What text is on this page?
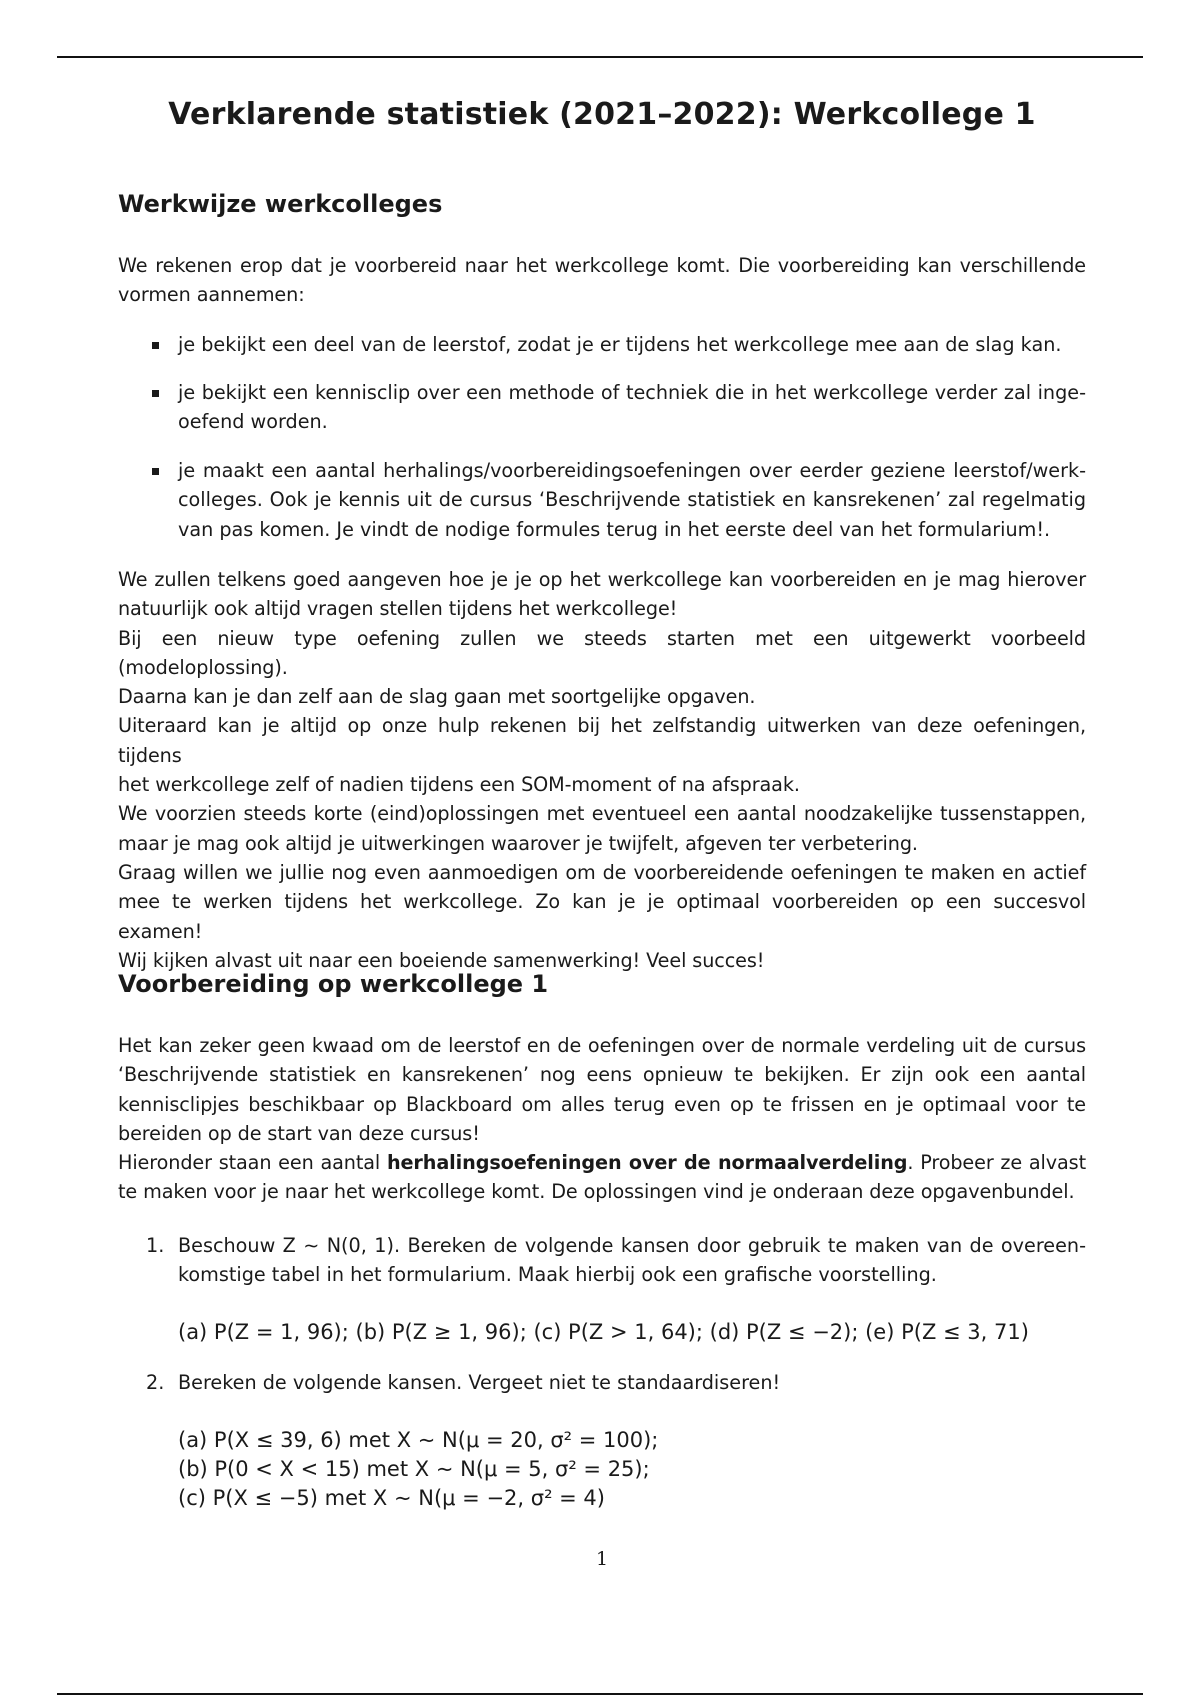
Verklarende statistiek (2021–2022): Werkcollege 1
Werkwijze werkcolleges

We rekenen erop dat je voorbereid naar het werkcollege komt. Die voorbereiding kan verschillende
vormen aannemen:

je bekijkt een deel van de leerstof, zodat je er tijdens het werkcollege mee aan de slag kan.
je bekijkt een kennisclip over een methode of techniek die in het werkcollege verder zal inge-
oefend worden.
je maakt een aantal herhalings/voorbereidingsoefeningen over eerder geziene leerstof/werk-
colleges. Ook je kennis uit de cursus ‘Beschrijvende statistiek en kansrekenen’ zal regelmatig
van pas komen. Je vindt de nodige formules terug in het eerste deel van het formularium!.

We zullen telkens goed aangeven hoe je je op het werkcollege kan voorbereiden en je mag hierover
natuurlijk ook altijd vragen stellen tijdens het werkcollege!
Bij een nieuw type oefening zullen we steeds starten met een uitgewerkt voorbeeld (modeloplossing).
Daarna kan je dan zelf aan de slag gaan met soortgelijke opgaven.
Uiteraard kan je altijd op onze hulp rekenen bij het zelfstandig uitwerken van deze oefeningen, tijdens
het werkcollege zelf of nadien tijdens een SOM-moment of na afspraak.
We voorzien steeds korte (eind)oplossingen met eventueel een aantal noodzakelijke tussenstappen,
maar je mag ook altijd je uitwerkingen waarover je twijfelt, afgeven ter verbetering.
Graag willen we jullie nog even aanmoedigen om de voorbereidende oefeningen te maken en actief
mee te werken tijdens het werkcollege. Zo kan je je optimaal voorbereiden op een succesvol examen!
Wij kijken alvast uit naar een boeiende samenwerking! Veel succes!

Voorbereiding op werkcollege 1

Het kan zeker geen kwaad om de leerstof en de oefeningen over de normale verdeling uit de cursus
‘Beschrijvende statistiek en kansrekenen’ nog eens opnieuw te bekijken. Er zijn ook een aantal
kennisclipjes beschikbaar op Blackboard om alles terug even op te frissen en je optimaal voor te
bereiden op de start van deze cursus!
Hieronder staan een aantal herhalingsoefeningen over de normaalverdeling. Probeer ze alvast
te maken voor je naar het werkcollege komt. De oplossingen vind je onderaan deze opgavenbundel.

1. Beschouw Z ∼ N(0, 1). Bereken de volgende kansen door gebruik te maken van de overeen-
komstige tabel in het formularium. Maak hierbij ook een grafische voorstelling.
(a) P(Z = 1, 96); (b) P(Z ≥ 1, 96); (c) P(Z > 1, 64); (d) P(Z ≤ −2); (e) P(Z ≤ 3, 71)
2. Bereken de volgende kansen. Vergeet niet te standaardiseren!
(a) P(X ≤ 39, 6) met X ∼ N(μ = 20, σ² = 100);
(b) P(0 < X < 15) met X ∼ N(μ = 5, σ² = 25);
(c) P(X ≤ −5) met X ∼ N(μ = −2, σ² = 4)
1
